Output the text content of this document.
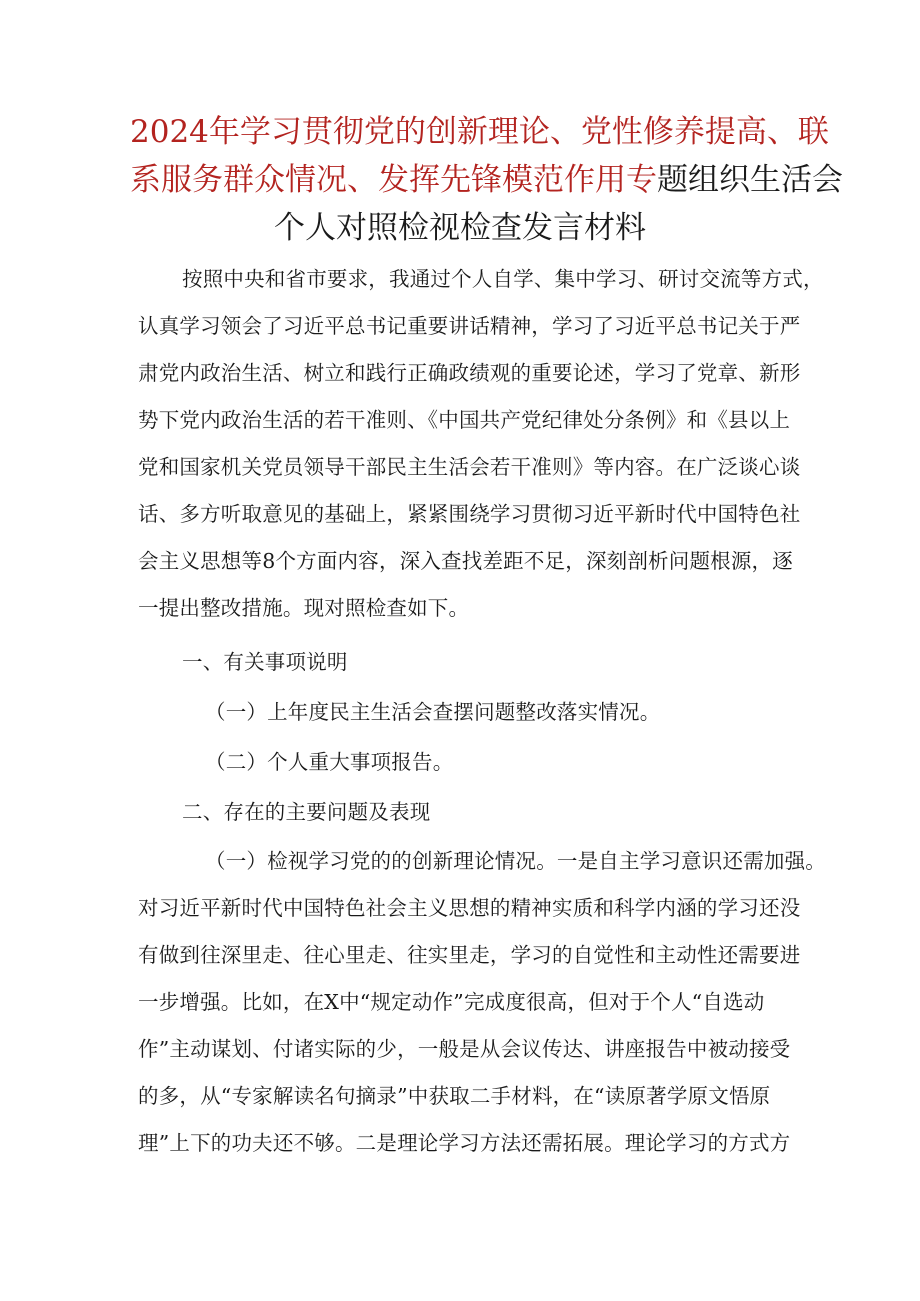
2024年学习贯彻党的创新理论、党性修养提高、联
系服务群众情况、发挥先锋模范作用专题组织生活会
个人对照检视检查发言材料

按照中央和省市要求，我通过个人自学、集中学习、研讨交流等方式，

认真学习领会了习近平总书记重要讲话精神，学习了习近平总书记关于严

肃党内政治生活、树立和践行正确政绩观的重要论述，学习了党章、新形

势下党内政治生活的若干准则、《中国共产党纪律处分条例》和《县以上

党和国家机关党员领导干部民主生活会若干准则》等内容。在广泛谈心谈

话、多方听取意见的基础上，紧紧围绕学习贯彻习近平新时代中国特色社

会主义思想等8个方面内容，深入查找差距不足，深刻剖析问题根源，逐

一提出整改措施。现对照检查如下。

一、有关事项说明

（一）上年度民主生活会查摆问题整改落实情况。

（二）个人重大事项报告。

二、存在的主要问题及表现

（一）检视学习党的的创新理论情况。一是自主学习意识还需加强。

对习近平新时代中国特色社会主义思想的精神实质和科学内涵的学习还没

有做到往深里走、往心里走、往实里走，学习的自觉性和主动性还需要进

一步增强。比如，在X中“规定动作”完成度很高，但对于个人“自选动

作”主动谋划、付诸实际的少，一般是从会议传达、讲座报告中被动接受

的多，从“专家解读名句摘录”中获取二手材料，在“读原著学原文悟原

理”上下的功夫还不够。二是理论学习方法还需拓展。理论学习的方式方
